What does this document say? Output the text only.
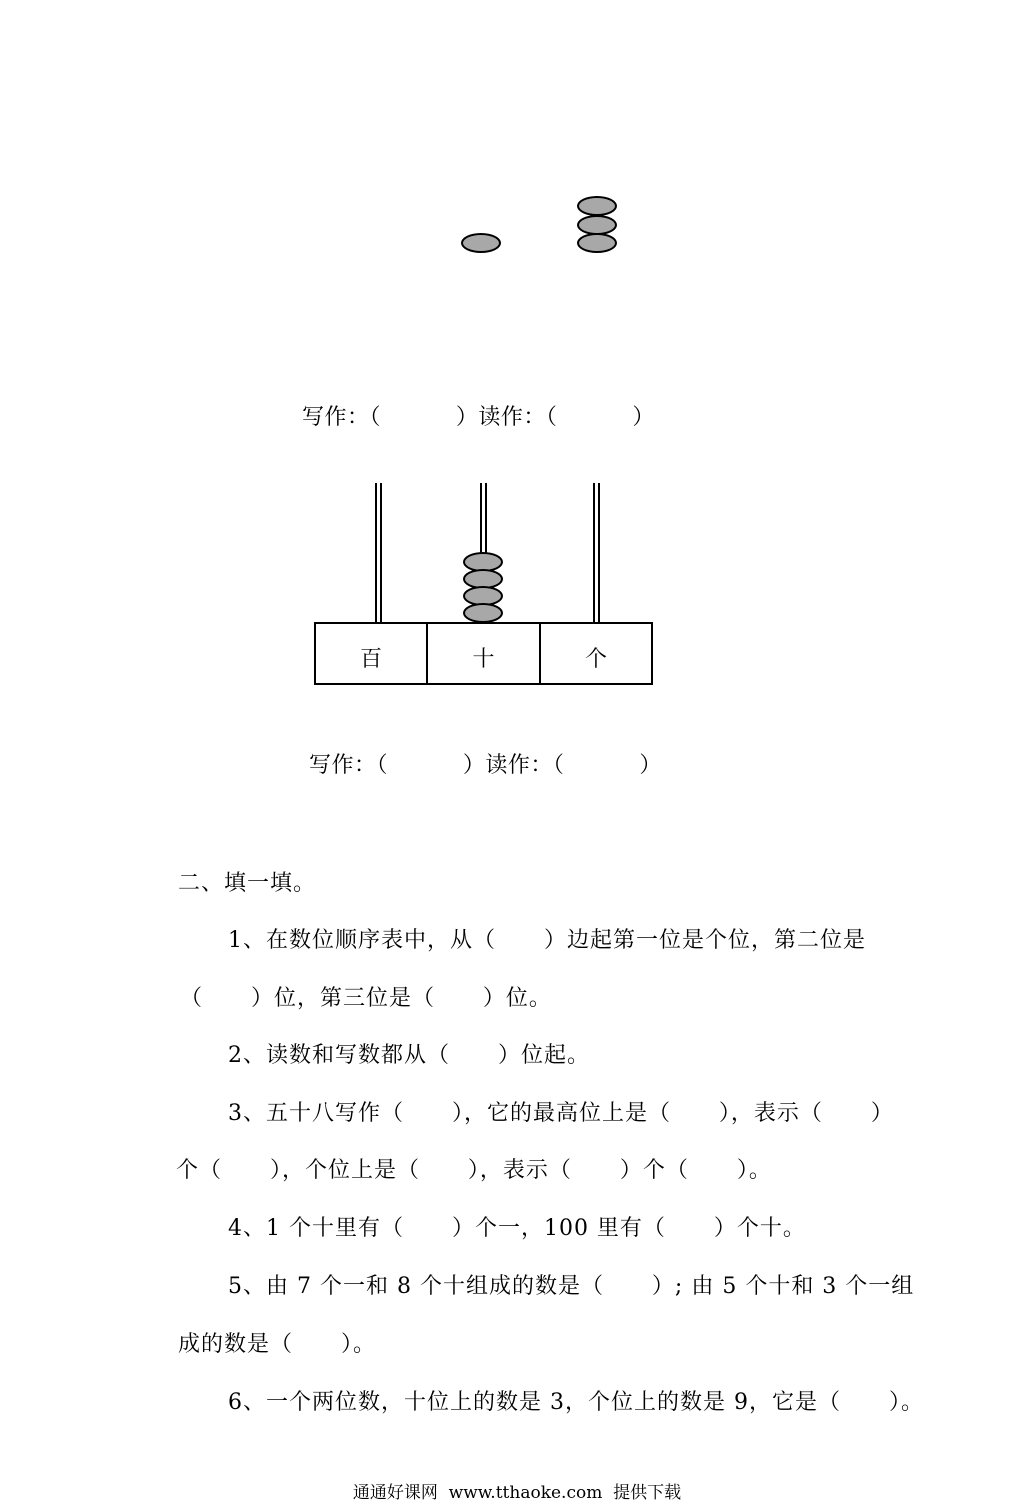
写作：（          ）读作：（          ）
百	十	个
写作：（          ）读作：（          ）
二、填一填。
1、在数位顺序表中，从（      ）边起第一位是个位，第二位是
（      ）位，第三位是（      ）位。
2、读数和写数都从（      ）位起。
3、五十八写作（      ），它的最高位上是（      ），表示（      ）
个（      ），个位上是（      ），表示（      ）个（      ）。
4、1 个十里有（      ）个一，100 里有（      ）个十。
5、由 7 个一和 8 个十组成的数是（      ）; 由 5 个十和 3 个一组
成的数是（      ）。
6、一个两位数，十位上的数是 3，个位上的数是 9，它是（      ）。
通通好课网  www.tthaoke.com  提供下载
